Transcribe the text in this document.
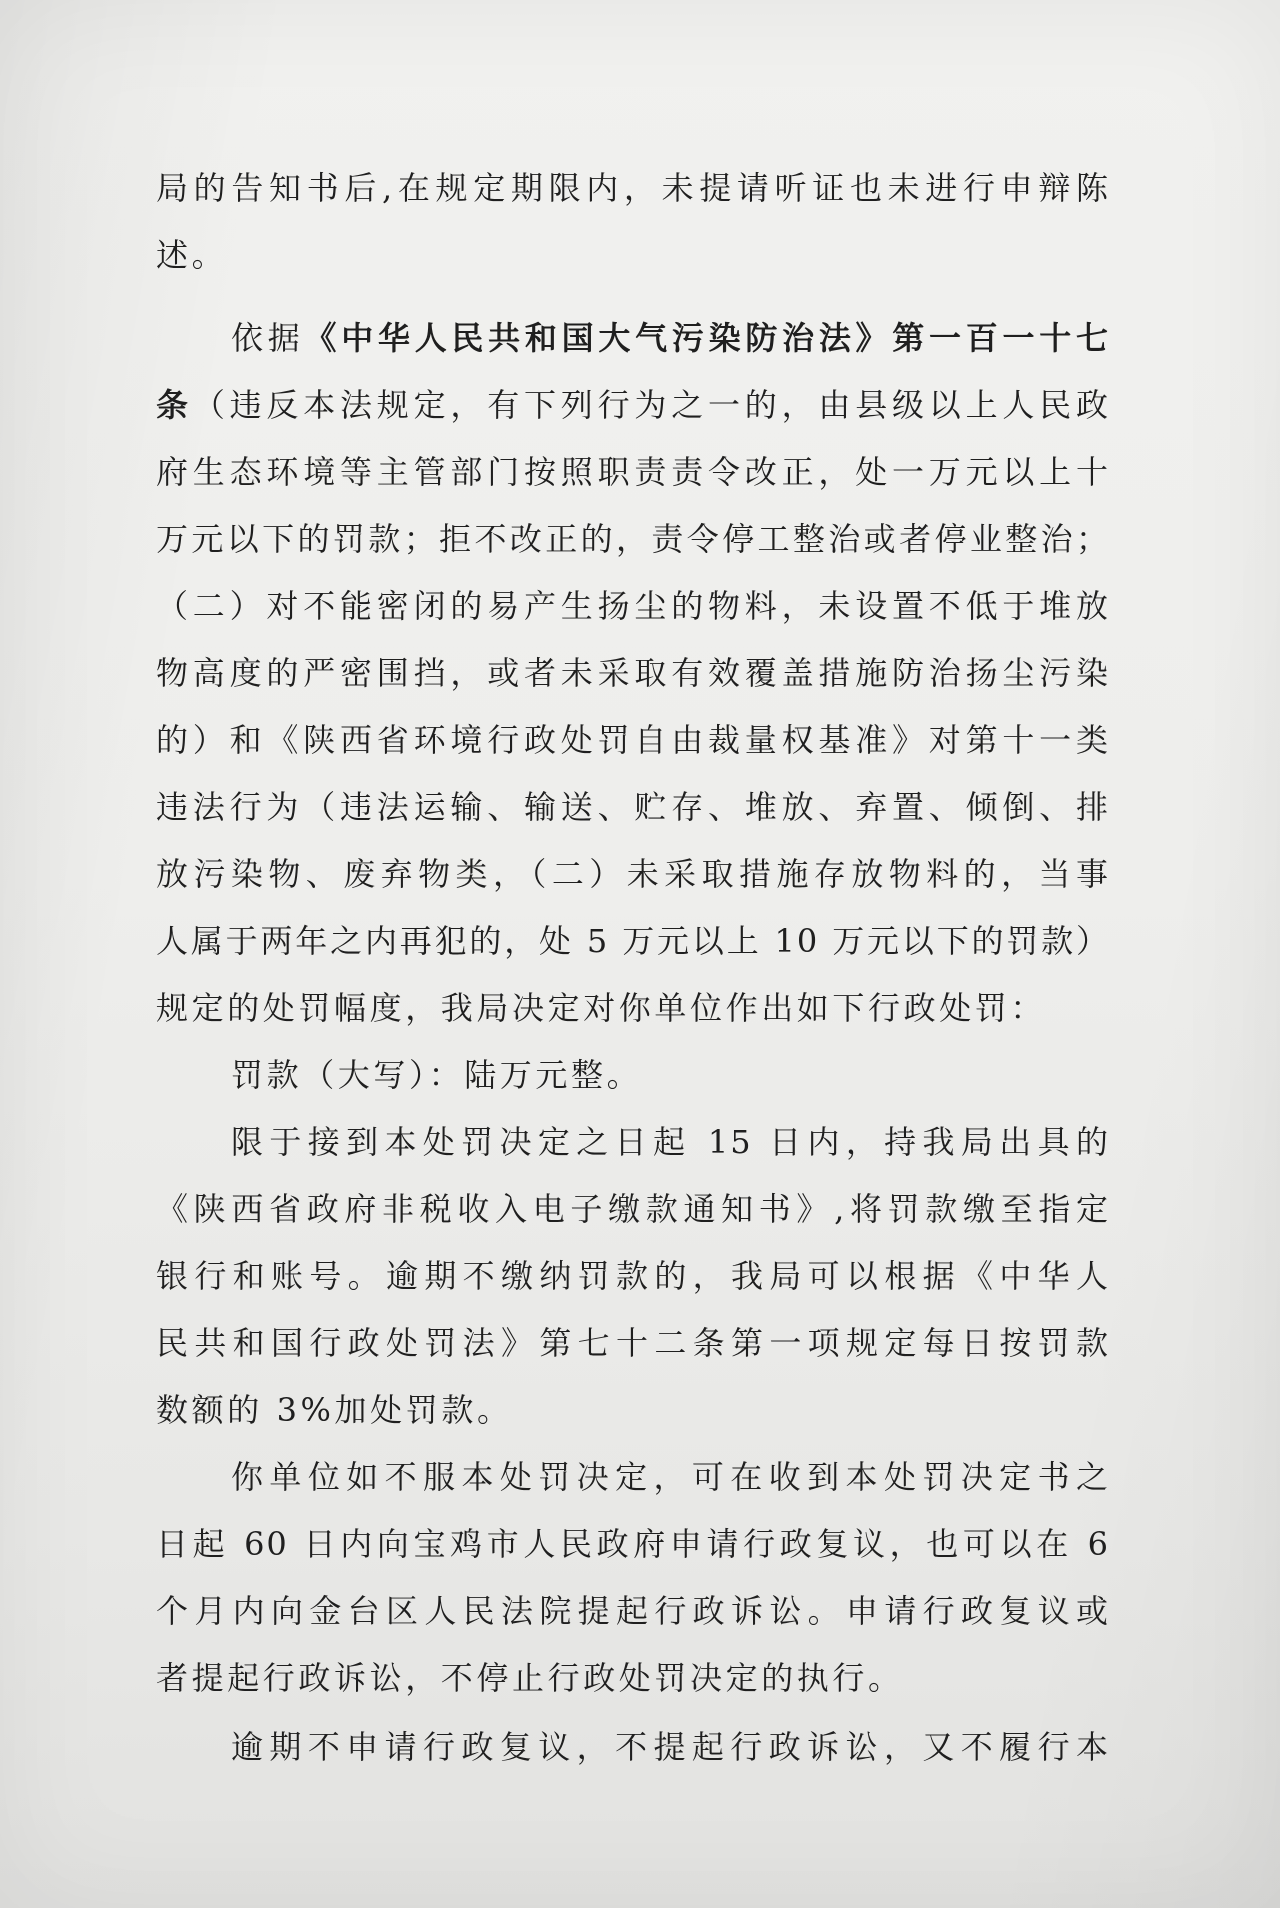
局的告知书后,在规定期限内，未提请听证也未进行申辩陈
述。
依据《中华人民共和国大气污染防治法》第一百一十七
条（违反本法规定，有下列行为之一的，由县级以上人民政
府生态环境等主管部门按照职责责令改正，处一万元以上十
万元以下的罚款；拒不改正的，责令停工整治或者停业整治；
（二）对不能密闭的易产生扬尘的物料，未设置不低于堆放
物高度的严密围挡，或者未采取有效覆盖措施防治扬尘污染
的）和《陕西省环境行政处罚自由裁量权基准》对第十一类
违法行为（违法运输、输送、贮存、堆放、弃置、倾倒、排
放污染物、废弃物类，（二）未采取措施存放物料的，当事
人属于两年之内再犯的，处 5 万元以上 10 万元以下的罚款）
规定的处罚幅度，我局决定对你单位作出如下行政处罚：
罚款（大写）：陆万元整。
限于接到本处罚决定之日起 15 日内，持我局出具的
《陕西省政府非税收入电子缴款通知书》,将罚款缴至指定
银行和账号。逾期不缴纳罚款的，我局可以根据《中华人
民共和国行政处罚法》第七十二条第一项规定每日按罚款
数额的 3%加处罚款。
你单位如不服本处罚决定，可在收到本处罚决定书之
日起 60 日内向宝鸡市人民政府申请行政复议，也可以在 6
个月内向金台区人民法院提起行政诉讼。申请行政复议或
者提起行政诉讼，不停止行政处罚决定的执行。
逾期不申请行政复议，不提起行政诉讼，又不履行本
